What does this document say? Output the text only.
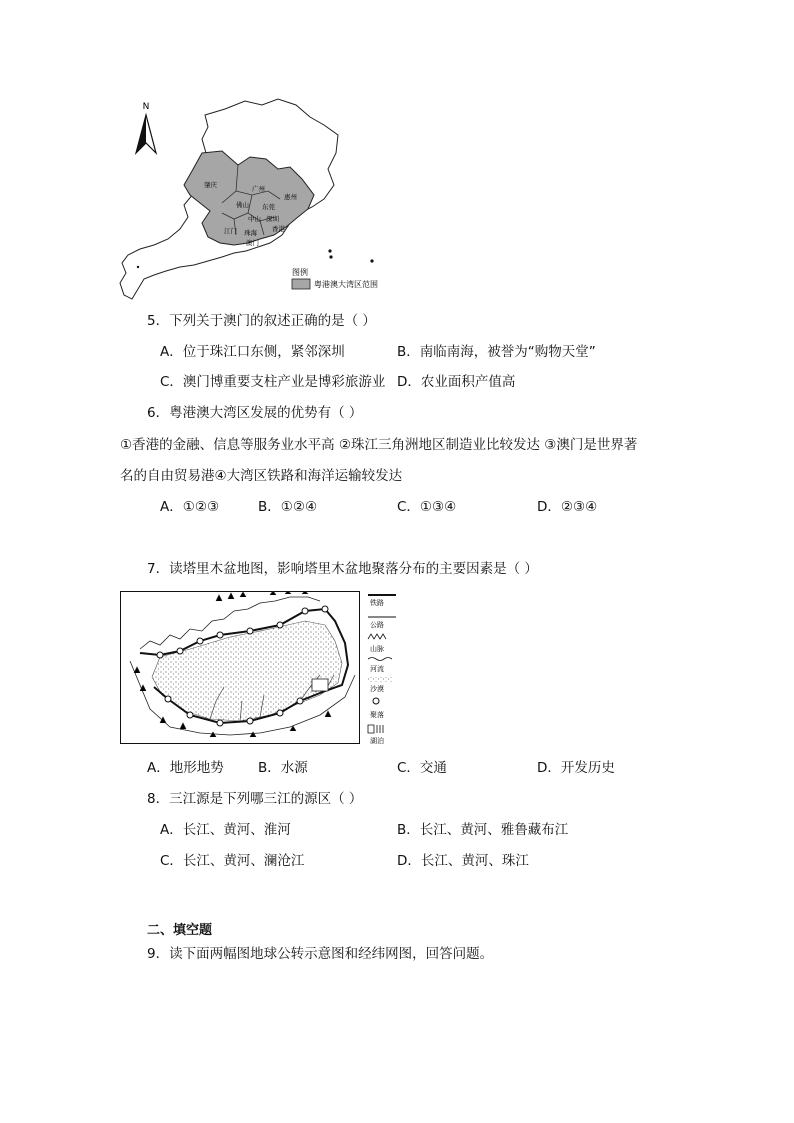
N
肇庆	广州
惠州
佛山 东莞
中山 深圳
江门 珠海
澳门
香港
图例
粤港澳大湾区范围
5．下列关于澳门的叙述正确的是（ ）
A．位于珠江口东侧，紧邻深圳	B．南临南海，被誉为“购物天堂”
C．澳门博重要支柱产业是博彩旅游业 D．农业面积产值高
6．粤港澳大湾区发展的优势有（ ）
①香港的金融、信息等服务业水平高 ②珠江三角洲地区制造业比较发达 ③澳门是世界著
名的自由贸易港④大湾区铁路和海洋运输较发达
A．①②③	B．①②④	C．①③④	D．②③④
7．读塔里木盆地图，影响塔里木盆地聚落分布的主要因素是（ ）
铁路
公路
山脉
河流
沙漠
聚落
湖泊
A．地形地势	B．水源	C．交通	D．开发历史
8．三江源是下列哪三江的源区（ ）
A．长江、黄河、淮河	B．长江、黄河、雅鲁藏布江
C．长江、黄河、澜沧江	D．长江、黄河、珠江
二、填空题
9．读下面两幅图地球公转示意图和经纬网图，回答问题。
